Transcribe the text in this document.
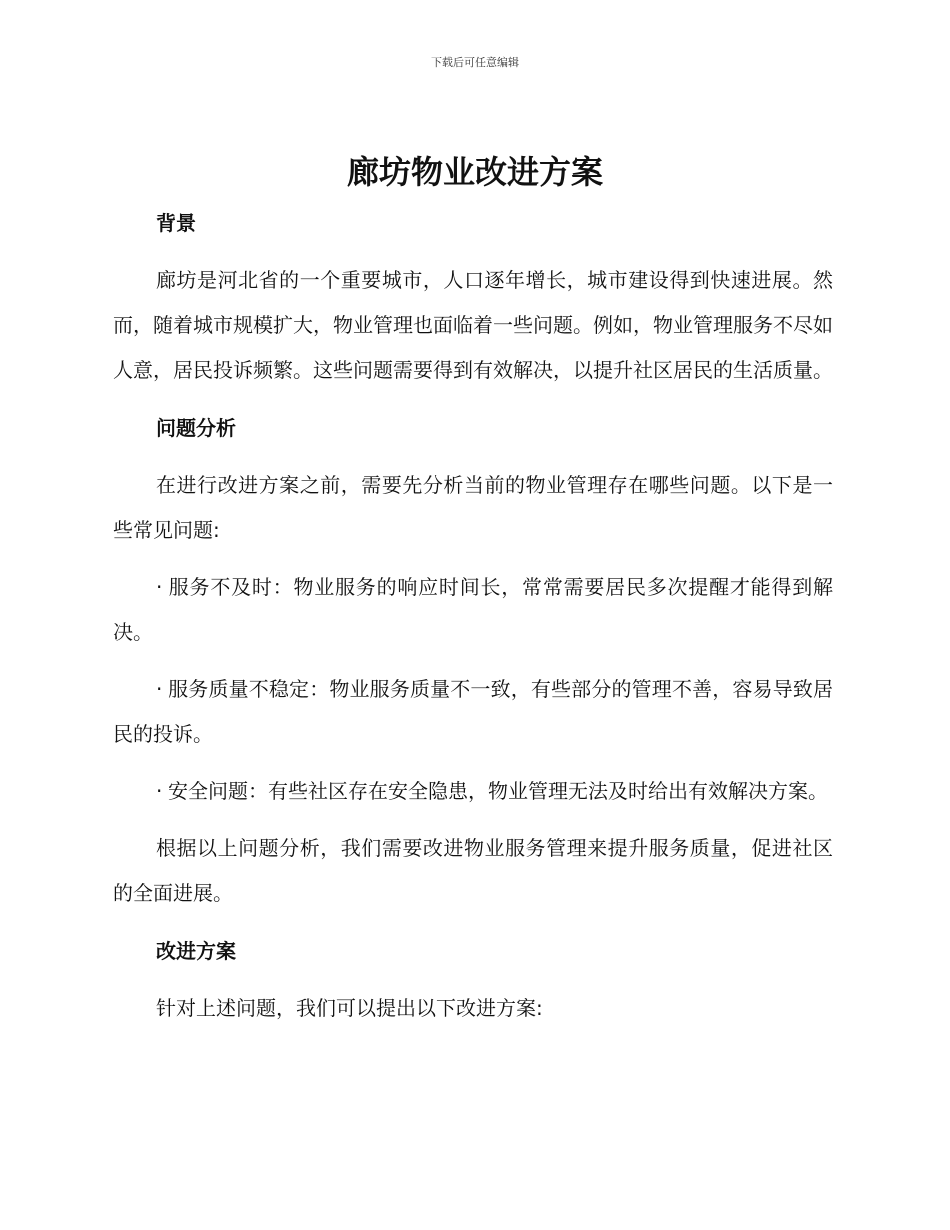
下载后可任意编辑
廊坊物业改进方案
背景

廊坊是河北省的一个重要城市，人口逐年增长，城市建设得到快速进展。然而，随着城市规模扩大，物业管理也面临着一些问题。例如，物业管理服务不尽如人意，居民投诉频繁。这些问题需要得到有效解决，以提升社区居民的生活质量。

问题分析

在进行改进方案之前，需要先分析当前的物业管理存在哪些问题。以下是一些常见问题:

· 服务不及时：物业服务的响应时间长，常常需要居民多次提醒才能得到解决。

· 服务质量不稳定：物业服务质量不一致，有些部分的管理不善，容易导致居民的投诉。

· 安全问题：有些社区存在安全隐患，物业管理无法及时给出有效解决方案。

根据以上问题分析，我们需要改进物业服务管理来提升服务质量，促进社区的全面进展。

改进方案

针对上述问题，我们可以提出以下改进方案:
